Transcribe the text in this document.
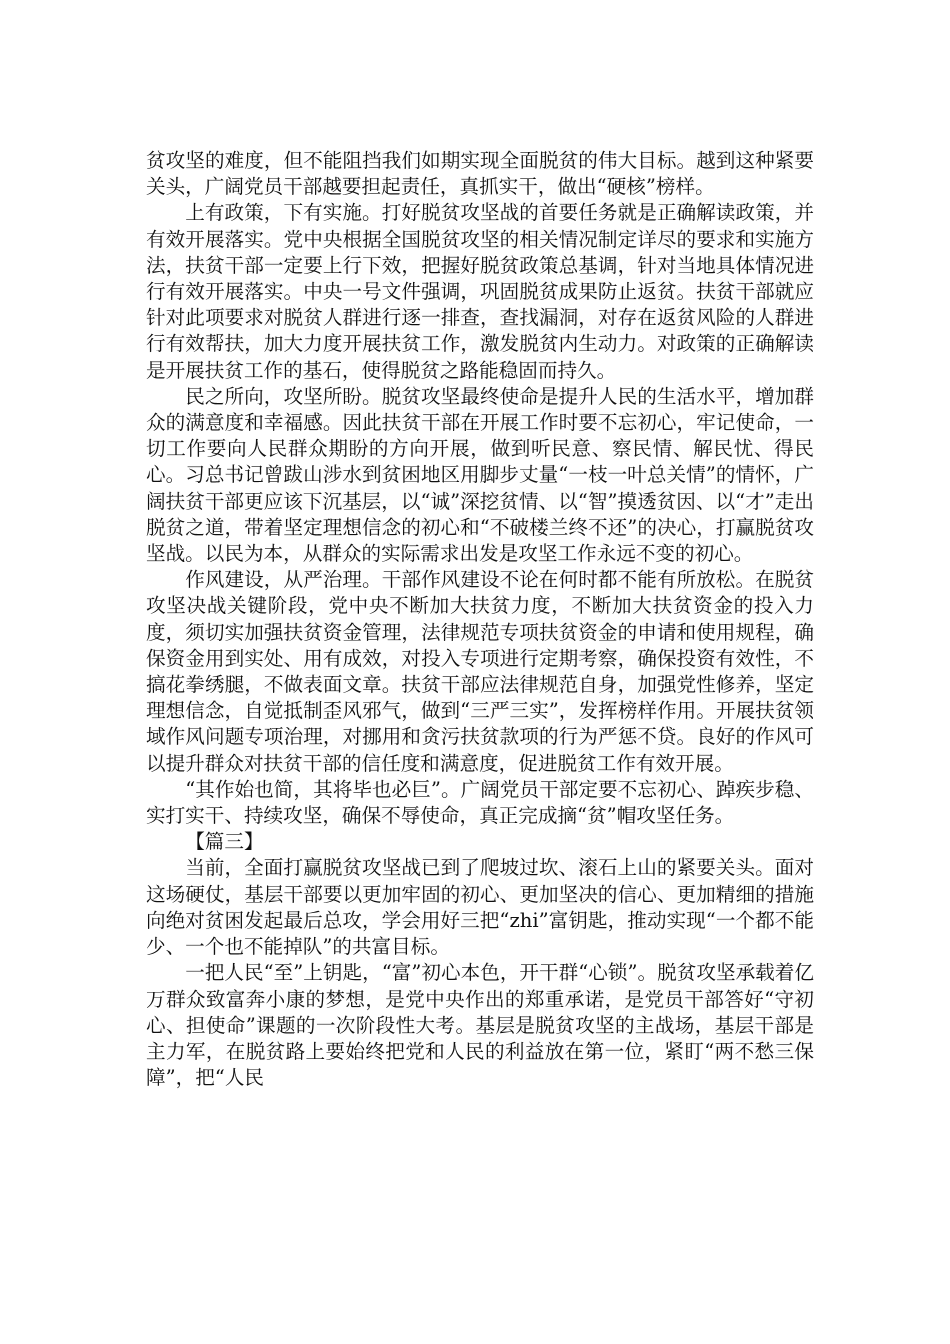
贫攻坚的难度，但不能阻挡我们如期实现全面脱贫的伟大目标。越到这种紧要关头，广阔党员干部越要担起责任，真抓实干，做出“硬核”榜样。

上有政策，下有实施。打好脱贫攻坚战的首要任务就是正确解读政策，并有效开展落实。党中央根据全国脱贫攻坚的相关情况制定详尽的要求和实施方法，扶贫干部一定要上行下效，把握好脱贫政策总基调，针对当地具体情况进行有效开展落实。中央一号文件强调，巩固脱贫成果防止返贫。扶贫干部就应针对此项要求对脱贫人群进行逐一排查，查找漏洞，对存在返贫风险的人群进行有效帮扶，加大力度开展扶贫工作，激发脱贫内生动力。对政策的正确解读是开展扶贫工作的基石，使得脱贫之路能稳固而持久。

民之所向，攻坚所盼。脱贫攻坚最终使命是提升人民的生活水平，增加群众的满意度和幸福感。因此扶贫干部在开展工作时要不忘初心，牢记使命，一切工作要向人民群众期盼的方向开展，做到听民意、察民情、解民忧、得民心。习总书记曾跋山涉水到贫困地区用脚步丈量“一枝一叶总关情”的情怀，广阔扶贫干部更应该下沉基层，以“诚”深挖贫情、以“智”摸透贫因、以“才”走出脱贫之道，带着坚定理想信念的初心和“不破楼兰终不还”的决心，打赢脱贫攻坚战。以民为本，从群众的实际需求出发是攻坚工作永远不变的初心。

作风建设，从严治理。干部作风建设不论在何时都不能有所放松。在脱贫攻坚决战关键阶段，党中央不断加大扶贫力度，不断加大扶贫资金的投入力度，须切实加强扶贫资金管理，法律规范专项扶贫资金的申请和使用规程，确保资金用到实处、用有成效，对投入专项进行定期考察，确保投资有效性，不搞花拳绣腿，不做表面文章。扶贫干部应法律规范自身，加强党性修养，坚定理想信念，自觉抵制歪风邪气，做到“三严三实”，发挥榜样作用。开展扶贫领域作风问题专项治理，对挪用和贪污扶贫款项的行为严惩不贷。良好的作风可以提升群众对扶贫干部的信任度和满意度，促进脱贫工作有效开展。

“其作始也简，其将毕也必巨”。广阔党员干部定要不忘初心、踔疾步稳、实打实干、持续攻坚，确保不辱使命，真正完成摘“贫”帽攻坚任务。

【篇三】

当前，全面打赢脱贫攻坚战已到了爬坡过坎、滚石上山的紧要关头。面对这场硬仗，基层干部要以更加牢固的初心、更加坚决的信心、更加精细的措施向绝对贫困发起最后总攻，学会用好三把“zhi”富钥匙，推动实现“一个都不能少、一个也不能掉队”的共富目标。

一把人民“至”上钥匙，“富”初心本色，开干群“心锁”。脱贫攻坚承载着亿万群众致富奔小康的梦想，是党中央作出的郑重承诺，是党员干部答好“守初心、担使命”课题的一次阶段性大考。基层是脱贫攻坚的主战场，基层干部是主力军，在脱贫路上要始终把党和人民的利益放在第一位，紧盯“两不愁三保障”，把“人民
